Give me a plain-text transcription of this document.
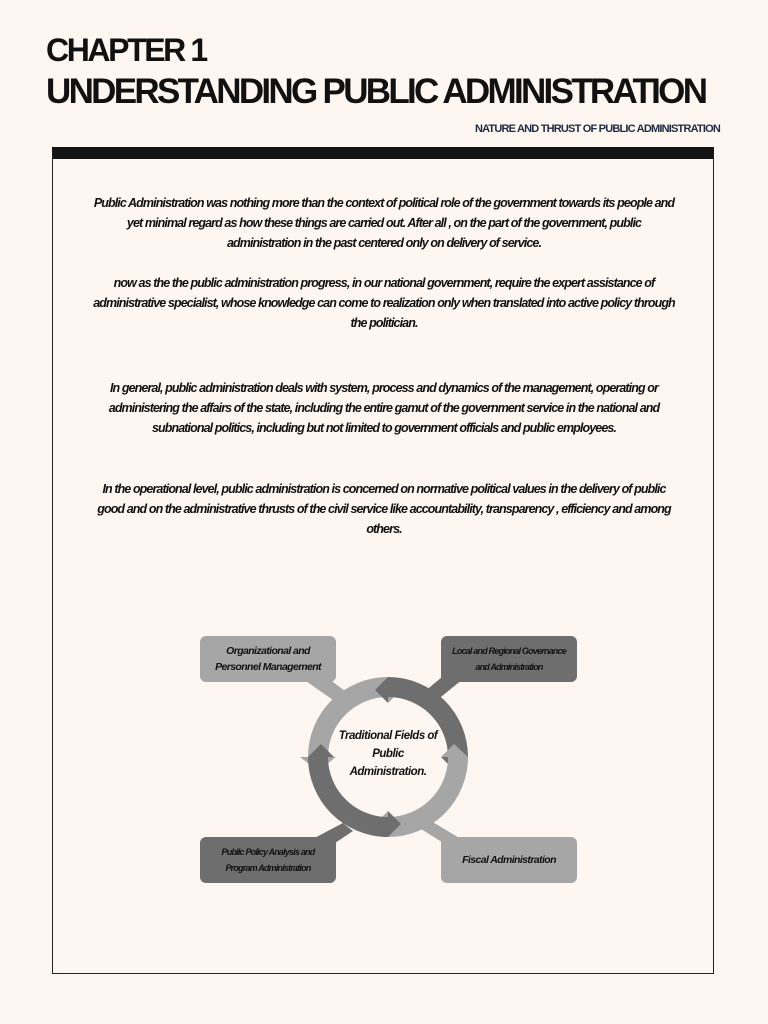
CHAPTER 1
UNDERSTANDING PUBLIC ADMINISTRATION

NATURE AND THRUST OF PUBLIC ADMINISTRATION

Public Administration was nothing more than the context of political role of the government towards its people and yet minimal regard as how these things are carried out. After all , on the part of the government, public administration in the past centered only on delivery of service.

now as the the public administration progress, in our national government, require the expert assistance of administrative specialist, whose knowledge can come to realization only when translated into active policy through the politician.

In general, public administration deals with system, process and dynamics of the management, operating or administering the affairs of the state, including the entire gamut of the government service in the national and subnational politics, including but not limited to government officials and public employees.

In the operational level, public administration is concerned on normative political values in the delivery of public good and on the administrative thrusts of the civil service like accountability, transparency , efficiency and among others.

Organizational and Personnel Management
Local and Regional Governance and Administration
Public Policy Analysis and Program Administration
Fiscal Administration
Traditional Fields of Public Administration.
